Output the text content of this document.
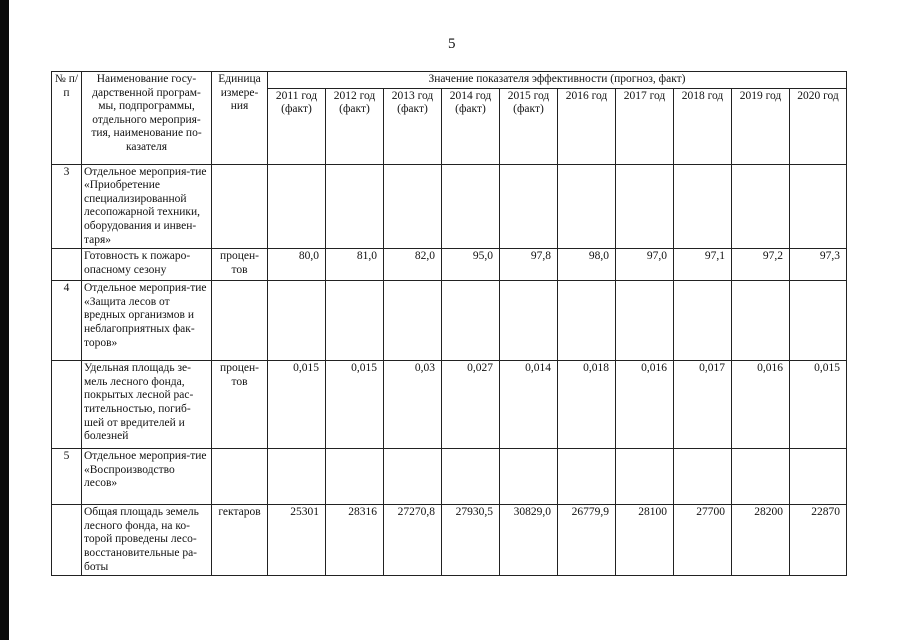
5
№ п/п	Наименование госу-дарственной програм-мы, подпрограммы, отдельного мероприя-тия, наименование по-казателя	Единица измере-ния	Значение показателя эффективности (прогноз, факт)									
			2011 год (факт)	2012 год (факт)	2013 год (факт)	2014 год (факт)	2015 год (факт)	2016 год	2017 год	2018 год	2019 год	2020 год
3	Отдельное мероприя-тие «Приобретение специализированной лесопожарной техники, оборудования и инвен-таря»											
	Готовность к пожаро-опасному сезону	процен-тов	80,0	81,0	82,0	95,0	97,8	98,0	97,0	97,1	97,2	97,3
4	Отдельное мероприя-тие «Защита лесов от вредных организмов и неблагоприятных фак-торов»											
	Удельная площадь зе-мель лесного фонда, покрытых лесной рас-тительностью, погиб-шей от вредителей и болезней	процен-тов	0,015	0,015	0,03	0,027	0,014	0,018	0,016	0,017	0,016	0,015
5	Отдельное мероприя-тие «Воспроизводство лесов»											
	Общая площадь земель лесного фонда, на ко-торой проведены лесо-восстановительные ра-боты	гектаров	25301	28316	27270,8	27930,5	30829,0	26779,9	28100	27700	28200	22870
